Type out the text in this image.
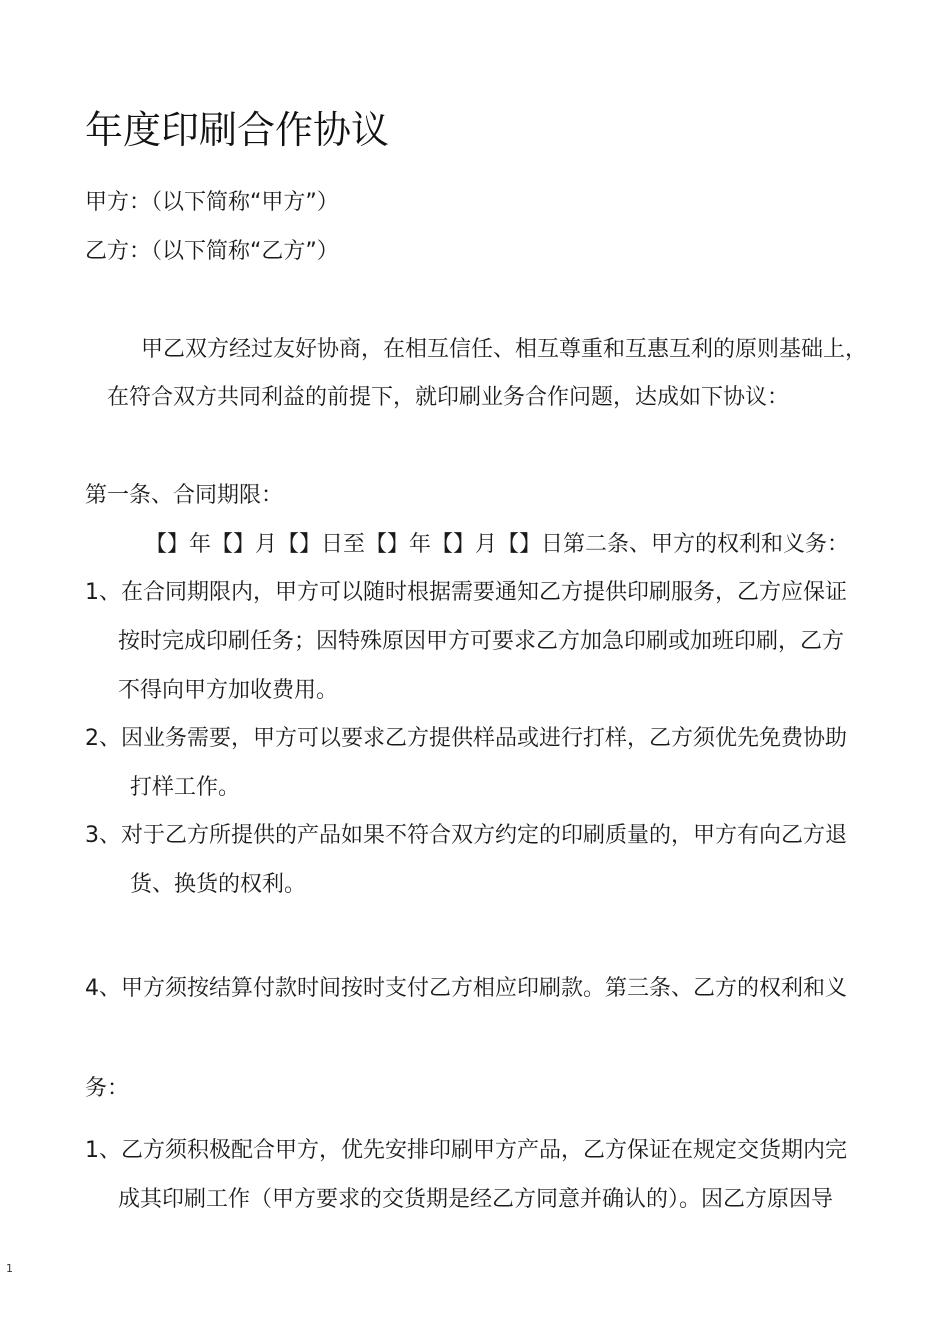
年度印刷合作协议
甲方：（以下简称“甲方”）
乙方：（以下简称“乙方”）
甲乙双方经过友好协商，在相互信任、相互尊重和互惠互利的原则基础上，
在符合双方共同利益的前提下，就印刷业务合作问题，达成如下协议：
第一条、合同期限：
【】年【】月【】日至【】年【】月【】日第二条、甲方的权利和义务：
1、在合同期限内，甲方可以随时根据需要通知乙方提供印刷服务，乙方应保证
按时完成印刷任务；因特殊原因甲方可要求乙方加急印刷或加班印刷，乙方
不得向甲方加收费用。
2、因业务需要，甲方可以要求乙方提供样品或进行打样，乙方须优先免费协助
打样工作。
3、对于乙方所提供的产品如果不符合双方约定的印刷质量的，甲方有向乙方退
货、换货的权利。
4、甲方须按结算付款时间按时支付乙方相应印刷款。第三条、乙方的权利和义
务：
1、乙方须积极配合甲方，优先安排印刷甲方产品，乙方保证在规定交货期内完
成其印刷工作（甲方要求的交货期是经乙方同意并确认的）。因乙方原因导
1
